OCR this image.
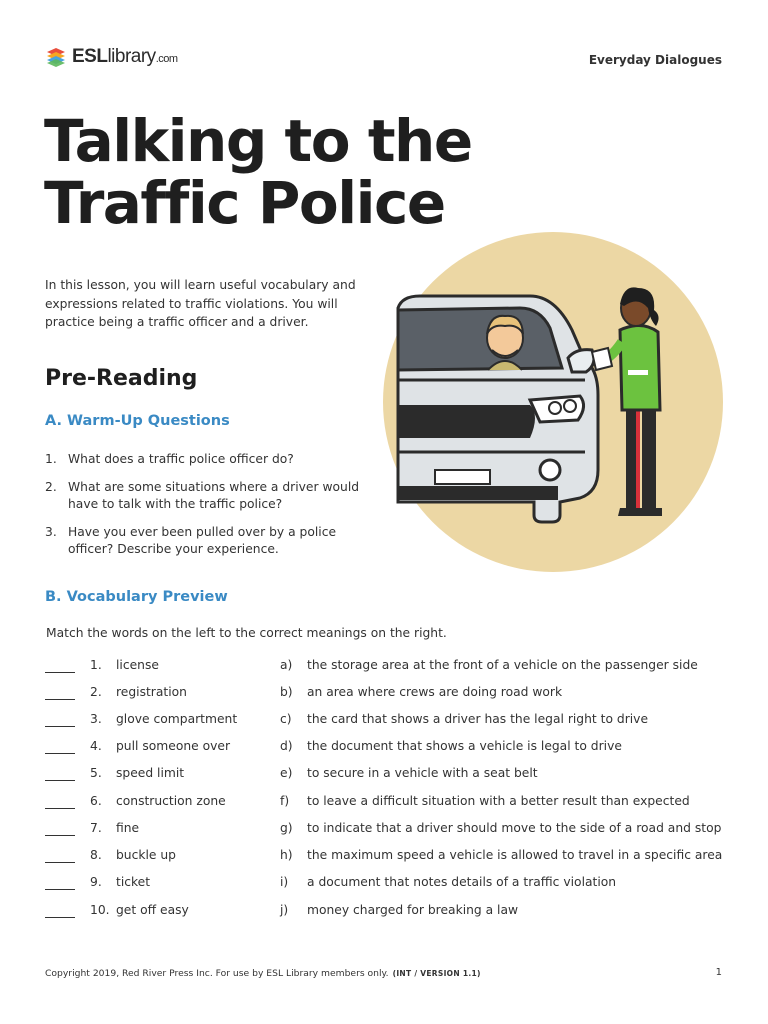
ESLlibrary.com	Everyday Dialogues
Talking to the
Traffic Police

In this lesson, you will learn useful vocabulary and expressions related to traffic violations. You will practice being a traffic officer and a driver.

Pre-Reading
A. Warm-Up Questions
1. What does a traffic police officer do?
2. What are some situations where a driver would have to talk with the traffic police?
3. Have you ever been pulled over by a police officer? Describe your experience.
B. Vocabulary Preview

Match the words on the left to the correct meanings on the right.

1. license	a) the storage area at the front of a vehicle on the passenger side
2. registration	b) an area where crews are doing road work
3. glove compartment	c) the card that shows a driver has the legal right to drive
4. pull someone over	d) the document that shows a vehicle is legal to drive
5. speed limit	e) to secure in a vehicle with a seat belt
6. construction zone	f) to leave a difficult situation with a better result than expected
7. fine	g) to indicate that a driver should move to the side of a road and stop
8. buckle up	h) the maximum speed a vehicle is allowed to travel in a specific area
9. ticket	i) a document that notes details of a traffic violation
10. get off easy	j) money charged for breaking a law
Copyright 2019, Red River Press Inc. For use by ESL Library members only. (INT / VERSION 1.1)	1
